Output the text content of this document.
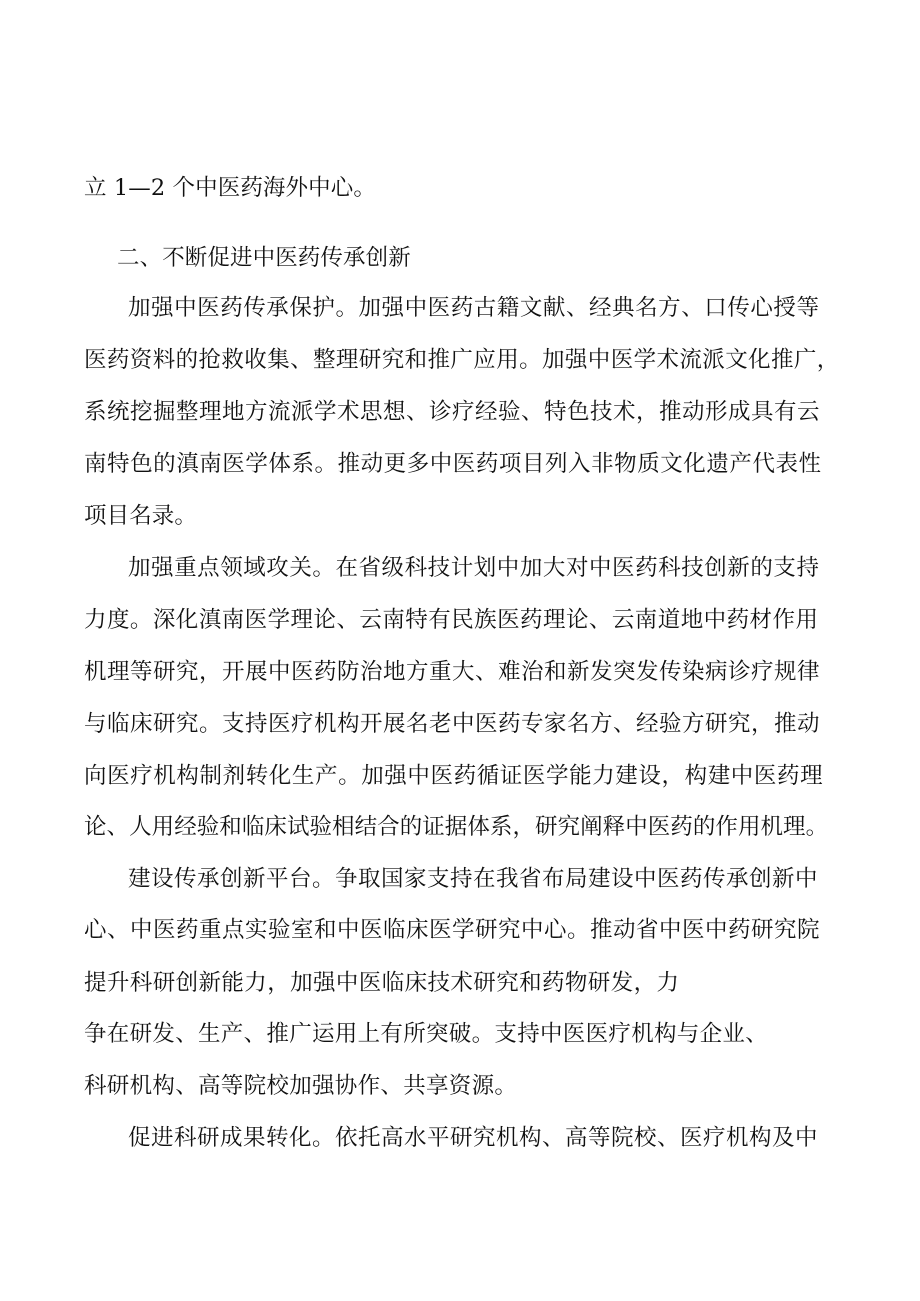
立 1—2 个中医药海外中心。
二、不断促进中医药传承创新
加强中医药传承保护。加强中医药古籍文献、经典名方、口传心授等
医药资料的抢救收集、整理研究和推广应用。加强中医学术流派文化推广，
系统挖掘整理地方流派学术思想、诊疗经验、特色技术，推动形成具有云
南特色的滇南医学体系。推动更多中医药项目列入非物质文化遗产代表性
项目名录。
加强重点领域攻关。在省级科技计划中加大对中医药科技创新的支持
力度。深化滇南医学理论、云南特有民族医药理论、云南道地中药材作用
机理等研究，开展中医药防治地方重大、难治和新发突发传染病诊疗规律
与临床研究。支持医疗机构开展名老中医药专家名方、经验方研究，推动
向医疗机构制剂转化生产。加强中医药循证医学能力建设，构建中医药理
论、人用经验和临床试验相结合的证据体系，研究阐释中医药的作用机理。
建设传承创新平台。争取国家支持在我省布局建设中医药传承创新中
心、中医药重点实验室和中医临床医学研究中心。推动省中医中药研究院
提升科研创新能力，加强中医临床技术研究和药物研发，力
争在研发、生产、推广运用上有所突破。支持中医医疗机构与企业、
科研机构、高等院校加强协作、共享资源。
促进科研成果转化。依托高水平研究机构、高等院校、医疗机构及中
